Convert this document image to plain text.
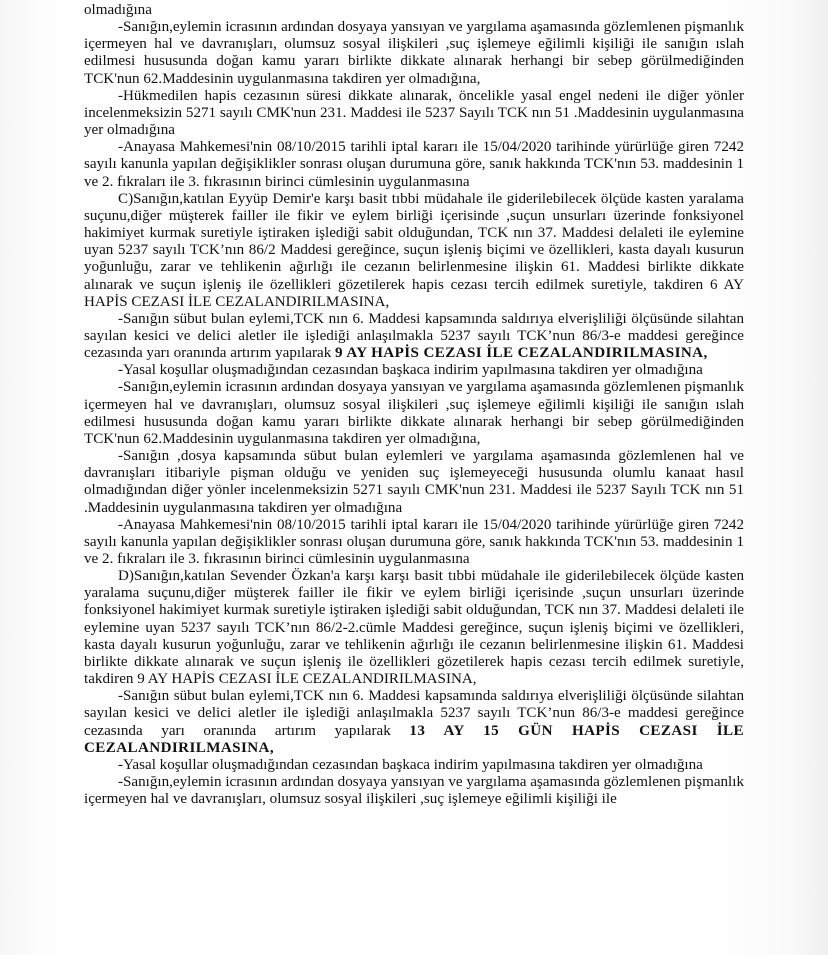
olmadığına

-Sanığın,eylemin icrasının ardından dosyaya yansıyan ve yargılama aşamasında gözlemlenen pişmanlık içermeyen hal ve davranışları, olumsuz sosyal ilişkileri ,suç işlemeye eğilimli kişiliği ile sanığın ıslah edilmesi hususunda doğan kamu yararı birlikte dikkate alınarak herhangi bir sebep görülmediğinden TCK'nun 62.Maddesinin uygulanmasına takdiren yer olmadığına,

-Hükmedilen hapis cezasının süresi dikkate alınarak, öncelikle yasal engel nedeni ile diğer yönler incelenmeksizin 5271 sayılı CMK'nun 231. Maddesi ile 5237 Sayılı TCK nın 51 .Maddesinin uygulanmasına yer olmadığına

-Anayasa Mahkemesi'nin 08/10/2015 tarihli iptal kararı ile 15/04/2020 tarihinde yürürlüğe giren 7242 sayılı kanunla yapılan değişiklikler sonrası oluşan durumuna göre, sanık hakkında TCK'nın 53. maddesinin 1 ve 2. fıkraları ile 3. fıkrasının birinci cümlesinin uygulanmasına

C)Sanığın,katılan Eyyüp Demir'e karşı basit tıbbi müdahale ile giderilebilecek ölçüde kasten yaralama suçunu,diğer müşterek failler ile fikir ve eylem birliği içerisinde ,suçun unsurları üzerinde fonksiyonel hakimiyet kurmak suretiyle iştiraken işlediği sabit olduğundan, TCK nın 37. Maddesi delaleti ile eylemine uyan 5237 sayılı TCK’nın 86/2 Maddesi gereğince, suçun işleniş biçimi ve özellikleri, kasta dayalı kusurun yoğunluğu, zarar ve tehlikenin ağırlığı ile cezanın belirlenmesine ilişkin 61. Maddesi birlikte dikkate alınarak ve suçun işleniş ile özellikleri gözetilerek hapis cezası tercih edilmek suretiyle, takdiren 6 AY HAPİS CEZASI İLE CEZALANDIRILMASINA,

-Sanığın sübut bulan eylemi,TCK nın 6. Maddesi kapsamında saldırıya elverişliliği ölçüsünde silahtan sayılan kesici ve delici aletler ile işlediği anlaşılmakla 5237 sayılı TCK’nun 86/3-e maddesi gereğince cezasında yarı oranında artırım yapılarak 9 AY HAPİS CEZASI İLE CEZALANDIRILMASINA,

-Yasal koşullar oluşmadığından cezasından başkaca indirim yapılmasına takdiren yer olmadığına

-Sanığın,eylemin icrasının ardından dosyaya yansıyan ve yargılama aşamasında gözlemlenen pişmanlık içermeyen hal ve davranışları, olumsuz sosyal ilişkileri ,suç işlemeye eğilimli kişiliği ile sanığın ıslah edilmesi hususunda doğan kamu yararı birlikte dikkate alınarak herhangi bir sebep görülmediğinden TCK'nun 62.Maddesinin uygulanmasına takdiren yer olmadığına,

-Sanığın ,dosya kapsamında sübut bulan eylemleri ve yargılama aşamasında gözlemlenen hal ve davranışları itibariyle pişman olduğu ve yeniden suç işlemeyeceği hususunda olumlu kanaat hasıl olmadığından diğer yönler incelenmeksizin 5271 sayılı CMK'nun 231. Maddesi ile 5237 Sayılı TCK nın 51 .Maddesinin uygulanmasına takdiren yer olmadığına

-Anayasa Mahkemesi'nin 08/10/2015 tarihli iptal kararı ile 15/04/2020 tarihinde yürürlüğe giren 7242 sayılı kanunla yapılan değişiklikler sonrası oluşan durumuna göre, sanık hakkında TCK'nın 53. maddesinin 1 ve 2. fıkraları ile 3. fıkrasının birinci cümlesinin uygulanmasına

D)Sanığın,katılan Sevender Özkan'a karşı karşı basit tıbbi müdahale ile giderilebilecek ölçüde kasten yaralama suçunu,diğer müşterek failler ile fikir ve eylem birliği içerisinde ,suçun unsurları üzerinde fonksiyonel hakimiyet kurmak suretiyle iştiraken işlediği sabit olduğundan, TCK nın 37. Maddesi delaleti ile eylemine uyan 5237 sayılı TCK’nın 86/2-2.cümle Maddesi gereğince, suçun işleniş biçimi ve özellikleri, kasta dayalı kusurun yoğunluğu, zarar ve tehlikenin ağırlığı ile cezanın belirlenmesine ilişkin 61. Maddesi birlikte dikkate alınarak ve suçun işleniş ile özellikleri gözetilerek hapis cezası tercih edilmek suretiyle, takdiren 9 AY HAPİS CEZASI İLE CEZALANDIRILMASINA,

-Sanığın sübut bulan eylemi,TCK nın 6. Maddesi kapsamında saldırıya elverişliliği ölçüsünde silahtan sayılan kesici ve delici aletler ile işlediği anlaşılmakla 5237 sayılı TCK’nun 86/3-e maddesi gereğince cezasında yarı oranında artırım yapılarak 13 AY 15 GÜN HAPİS CEZASI İLE CEZALANDIRILMASINA,

-Yasal koşullar oluşmadığından cezasından başkaca indirim yapılmasına takdiren yer olmadığına

-Sanığın,eylemin icrasının ardından dosyaya yansıyan ve yargılama aşamasında gözlemlenen pişmanlık içermeyen hal ve davranışları, olumsuz sosyal ilişkileri ,suç işlemeye eğilimli kişiliği ile
